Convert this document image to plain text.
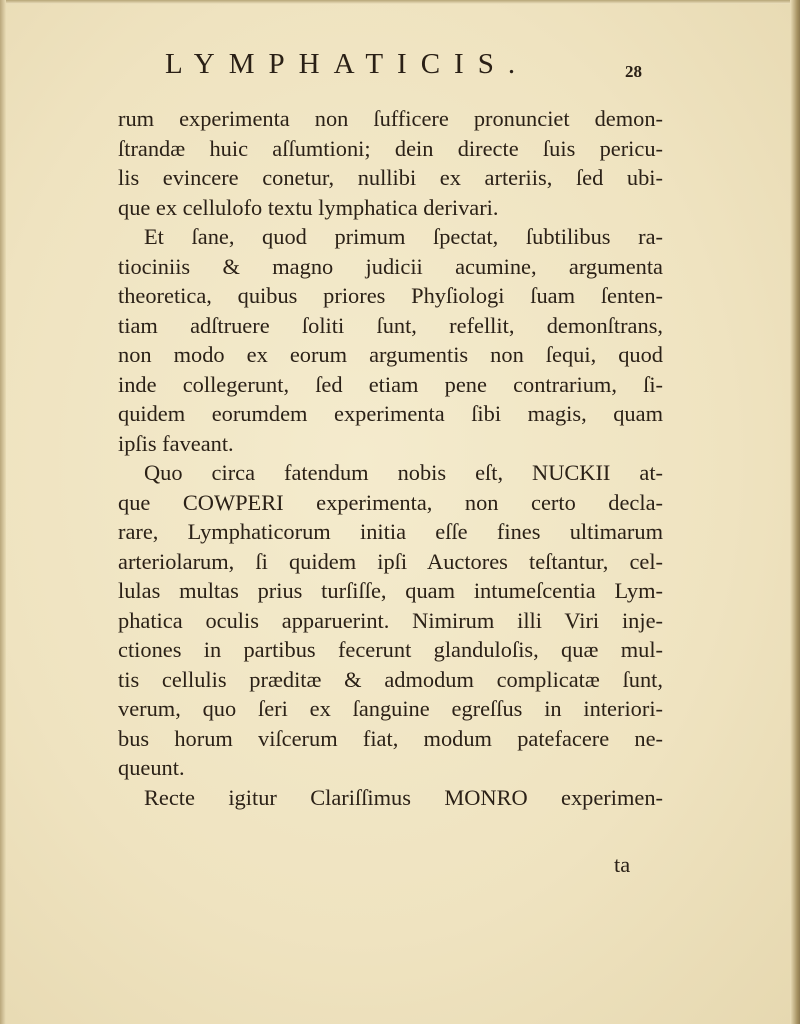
LYMPHATICIS.	28
rum experimenta non ſufficere pronunciet demon-
ſtrandæ huic aſſumtioni; dein directe ſuis pericu-
lis evincere conetur, nullibi ex arteriis, ſed ubi-
que ex cellulofo textu lymphatica derivari.
Et ſane, quod primum ſpectat, ſubtilibus ra-
tiociniis & magno judicii acumine, argumenta
theoretica, quibus priores Phyſiologi ſuam ſenten-
tiam adſtruere ſoliti ſunt, refellit, demonſtrans,
non modo ex eorum argumentis non ſequi, quod
inde collegerunt, ſed etiam pene contrarium, ſi-
quidem eorumdem experimenta ſibi magis, quam
ipſis faveant.
Quo circa fatendum nobis eſt, NUCKII at-
que COWPERI experimenta, non certo decla-
rare, Lymphaticorum initia eſſe fines ultimarum
arteriolarum, ſi quidem ipſi Auctores teſtantur, cel-
lulas multas prius turſiſſe, quam intumeſcentia Lym-
phatica oculis apparuerint. Nimirum illi Viri inje-
ctiones in partibus fecerunt glanduloſis, quæ mul-
tis cellulis præditæ & admodum complicatæ ſunt,
verum, quo ſeri ex ſanguine egreſſus in interiori-
bus horum viſcerum fiat, modum patefacere ne-
queunt.
Recte igitur Clariſſimus MONRO experimen-
ta
